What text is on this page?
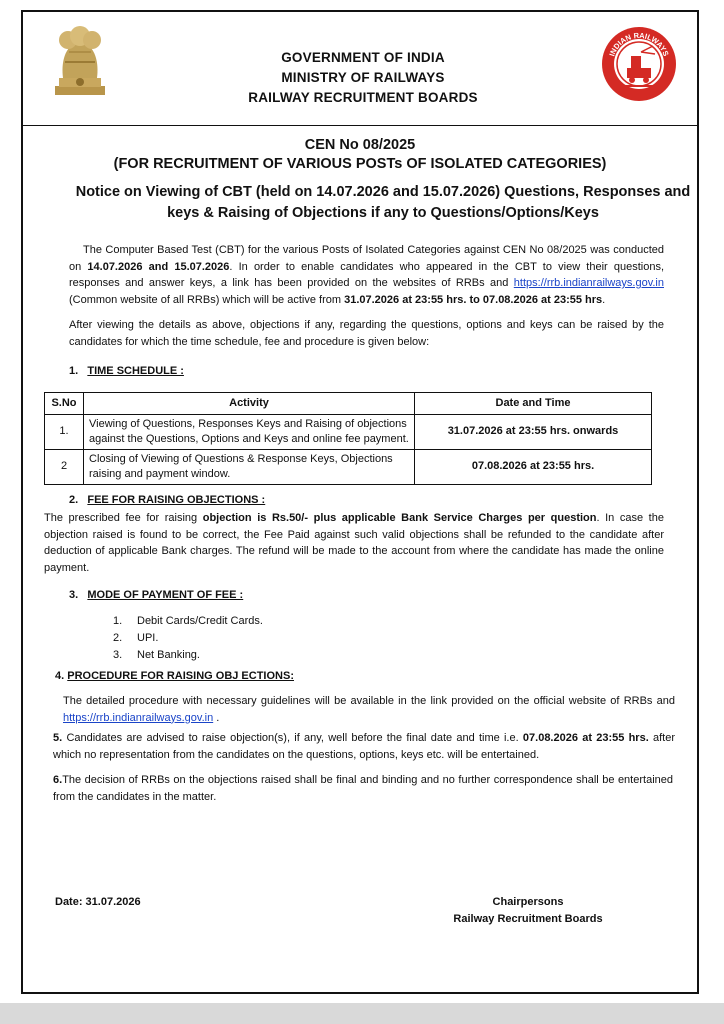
GOVERNMENT OF INDIA
MINISTRY OF RAILWAYS
RAILWAY RECRUITMENT BOARDS
INDIAN RAILWAYS
CEN No 08/2025
(FOR RECRUITMENT OF VARIOUS POSTs OF ISOLATED CATEGORIES)
Notice on Viewing of CBT (held on 14.07.2026 and 15.07.2026) Questions, Responses and
keys & Raising of Objections if any to Questions/Options/Keys

The Computer Based Test (CBT) for the various Posts of Isolated Categories against CEN No 08/2025 was conducted on 14.07.2026 and 15.07.2026. In order to enable candidates who appeared in the CBT to view their questions, responses and answer keys, a link has been provided on the websites of RRBs and https://rrb.indianrailways.gov.in (Common website of all RRBs) which will be active from 31.07.2026 at 23:55 hrs. to 07.08.2026 at 23:55 hrs.

After viewing the details as above, objections if any, regarding the questions, options and keys can be raised by the candidates for which the time schedule, fee and procedure is given below:

1. TIME SCHEDULE :

S.No	Activity	Date and Time
1.	Viewing of Questions, Responses Keys and Raising of objections against the Questions, Options and Keys and online fee payment.	31.07.2026 at 23:55 hrs. onwards
2	Closing of Viewing of Questions & Response Keys, Objections raising and payment window.	07.08.2026 at 23:55 hrs.

2. FEE FOR RAISING OBJECTIONS :

The prescribed fee for raising objection is Rs.50/- plus applicable Bank Service Charges per question. In case the objection raised is found to be correct, the Fee Paid against such valid objections shall be refunded to the candidate after deduction of applicable Bank charges. The refund will be made to the account from where the candidate has made the online payment.

3. MODE OF PAYMENT OF FEE :

1. Debit Cards/Credit Cards.
2. UPI.
3. Net Banking.

4. PROCEDURE FOR RAISING OBJ ECTIONS:

The detailed procedure with necessary guidelines will be available in the link provided on the official website of RRBs and https://rrb.indianrailways.gov.in .

5. Candidates are advised to raise objection(s), if any, well before the final date and time i.e. 07.08.2026 at 23:55 hrs. after which no representation from the candidates on the questions, options, keys etc. will be entertained.

6.The decision of RRBs on the objections raised shall be final and binding and no further correspondence shall be entertained from the candidates in the matter.

Date: 31.07.2026	Chairpersons
Railway Recruitment Boards
